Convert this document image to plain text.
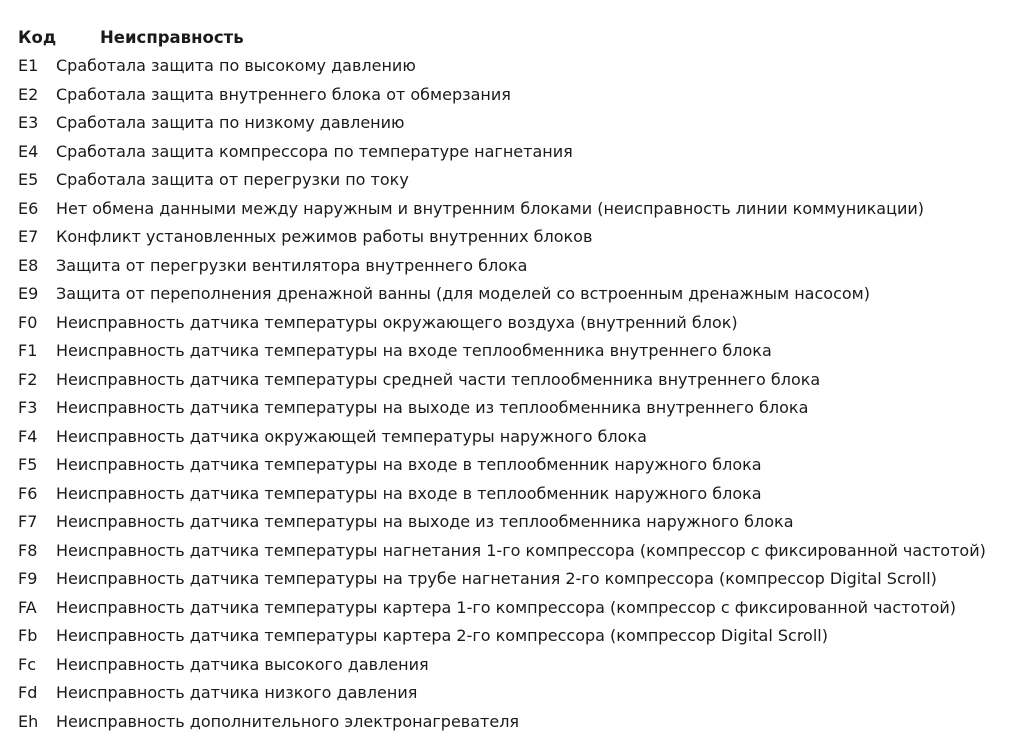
Код	Неисправность
E1	Сработала защита по высокому давлению
E2	Сработала защита внутреннего блока от обмерзания
E3	Сработала защита по низкому давлению
E4	Сработала защита компрессора по температуре нагнетания
E5	Сработала защита от перегрузки по току
E6	Нет обмена данными между наружным и внутренним блоками (неисправность линии коммуникации)
E7	Конфликт установленных режимов работы внутренних блоков
E8	Защита от перегрузки вентилятора внутреннего блока
E9	Защита от переполнения дренажной ванны (для моделей со встроенным дренажным насосом)
F0	Неисправность датчика температуры окружающего воздуха (внутренний блок)
F1	Неисправность датчика температуры на входе теплообменника внутреннего блока
F2	Неисправность датчика температуры средней части теплообменника внутреннего блока
F3	Неисправность датчика температуры на выходе из теплообменника внутреннего блока
F4	Неисправность датчика окружающей температуры наружного блока
F5	Неисправность датчика температуры на входе в теплообменник наружного блока
F6	Неисправность датчика температуры на входе в теплообменник наружного блока
F7	Неисправность датчика температуры на выходе из теплообменника наружного блока
F8	Неисправность датчика температуры нагнетания 1-го компрессора (компрессор с фиксированной частотой)
F9	Неисправность датчика температуры на трубе нагнетания 2-го компрессора (компрессор Digital Scroll)
FA	Неисправность датчика температуры картера 1-го компрессора (компрессор с фиксированной частотой)
Fb	Неисправность датчика температуры картера 2-го компрессора (компрессор Digital Scroll)
Fc	Неисправность датчика высокого давления
Fd	Неисправность датчика низкого давления
Eh	Неисправность дополнительного электронагревателя
